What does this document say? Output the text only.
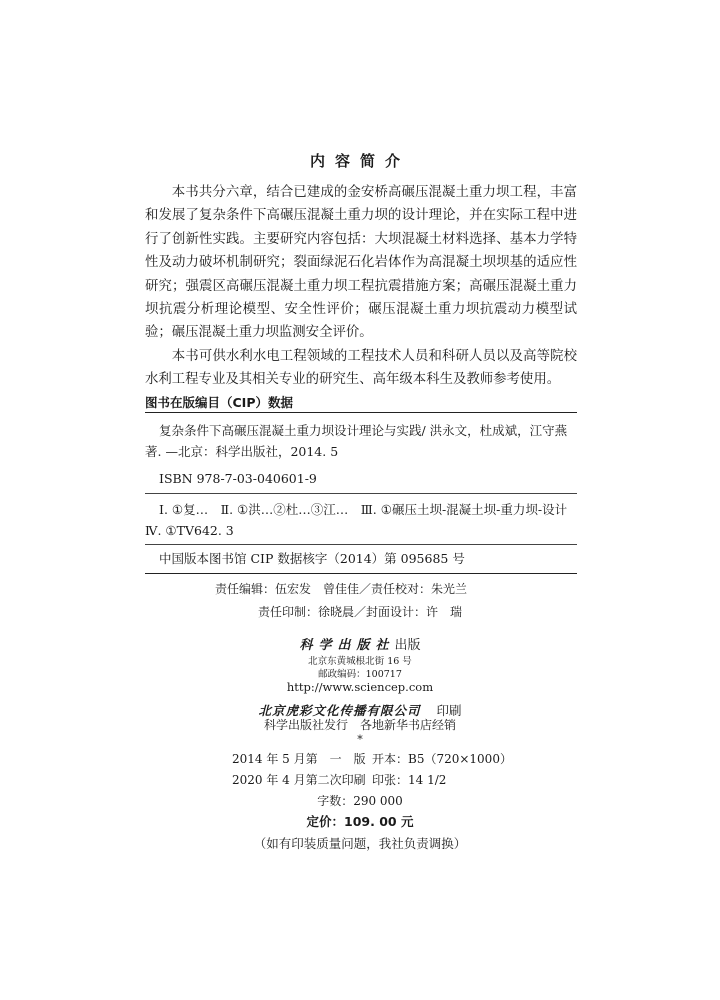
内容简介

本书共分六章，结合已建成的金安桥高碾压混凝土重力坝工程，丰富和发展了复杂条件下高碾压混凝土重力坝的设计理论，并在实际工程中进行了创新性实践。主要研究内容包括：大坝混凝土材料选择、基本力学特性及动力破坏机制研究；裂面绿泥石化岩体作为高混凝土坝坝基的适应性研究；强震区高碾压混凝土重力坝工程抗震措施方案；高碾压混凝土重力坝抗震分析理论模型、安全性评价；碾压混凝土重力坝抗震动力模型试验；碾压混凝土重力坝监测安全评价。

本书可供水利水电工程领域的工程技术人员和科研人员以及高等院校水利工程专业及其相关专业的研究生、高年级本科生及教师参考使用。

图书在版编目（CIP）数据
复杂条件下高碾压混凝土重力坝设计理论与实践/ 洪永文，杜成斌，江守燕著. —北京：科学出版社，2014. 5
ISBN 978-7-03-040601-9
Ⅰ. ①复…　Ⅱ. ①洪…②杜…③江…　Ⅲ. ①碾压土坝-混凝土坝-重力坝-设计　Ⅳ. ①TV642. 3
中国版本图书馆 CIP 数据核字（2014）第 095685 号
责任编辑：伍宏发　曾佳佳／责任校对：朱光兰
责任印制：徐晓晨／封面设计：许　瑞
科学出版社出版
北京东黄城根北街 16 号
邮政编码：100717
http://www.sciencep.com
北京虎彩文化传播有限公司　 印刷
科学出版社发行　各地新华书店经销
*
2014 年 5 月第　一　版 开本：B5（720×1000）
2020 年 4 月第二次印刷 印张：14 1/2
字数：290 000
定价：109. 00 元
（如有印装质量问题，我社负责调换）
